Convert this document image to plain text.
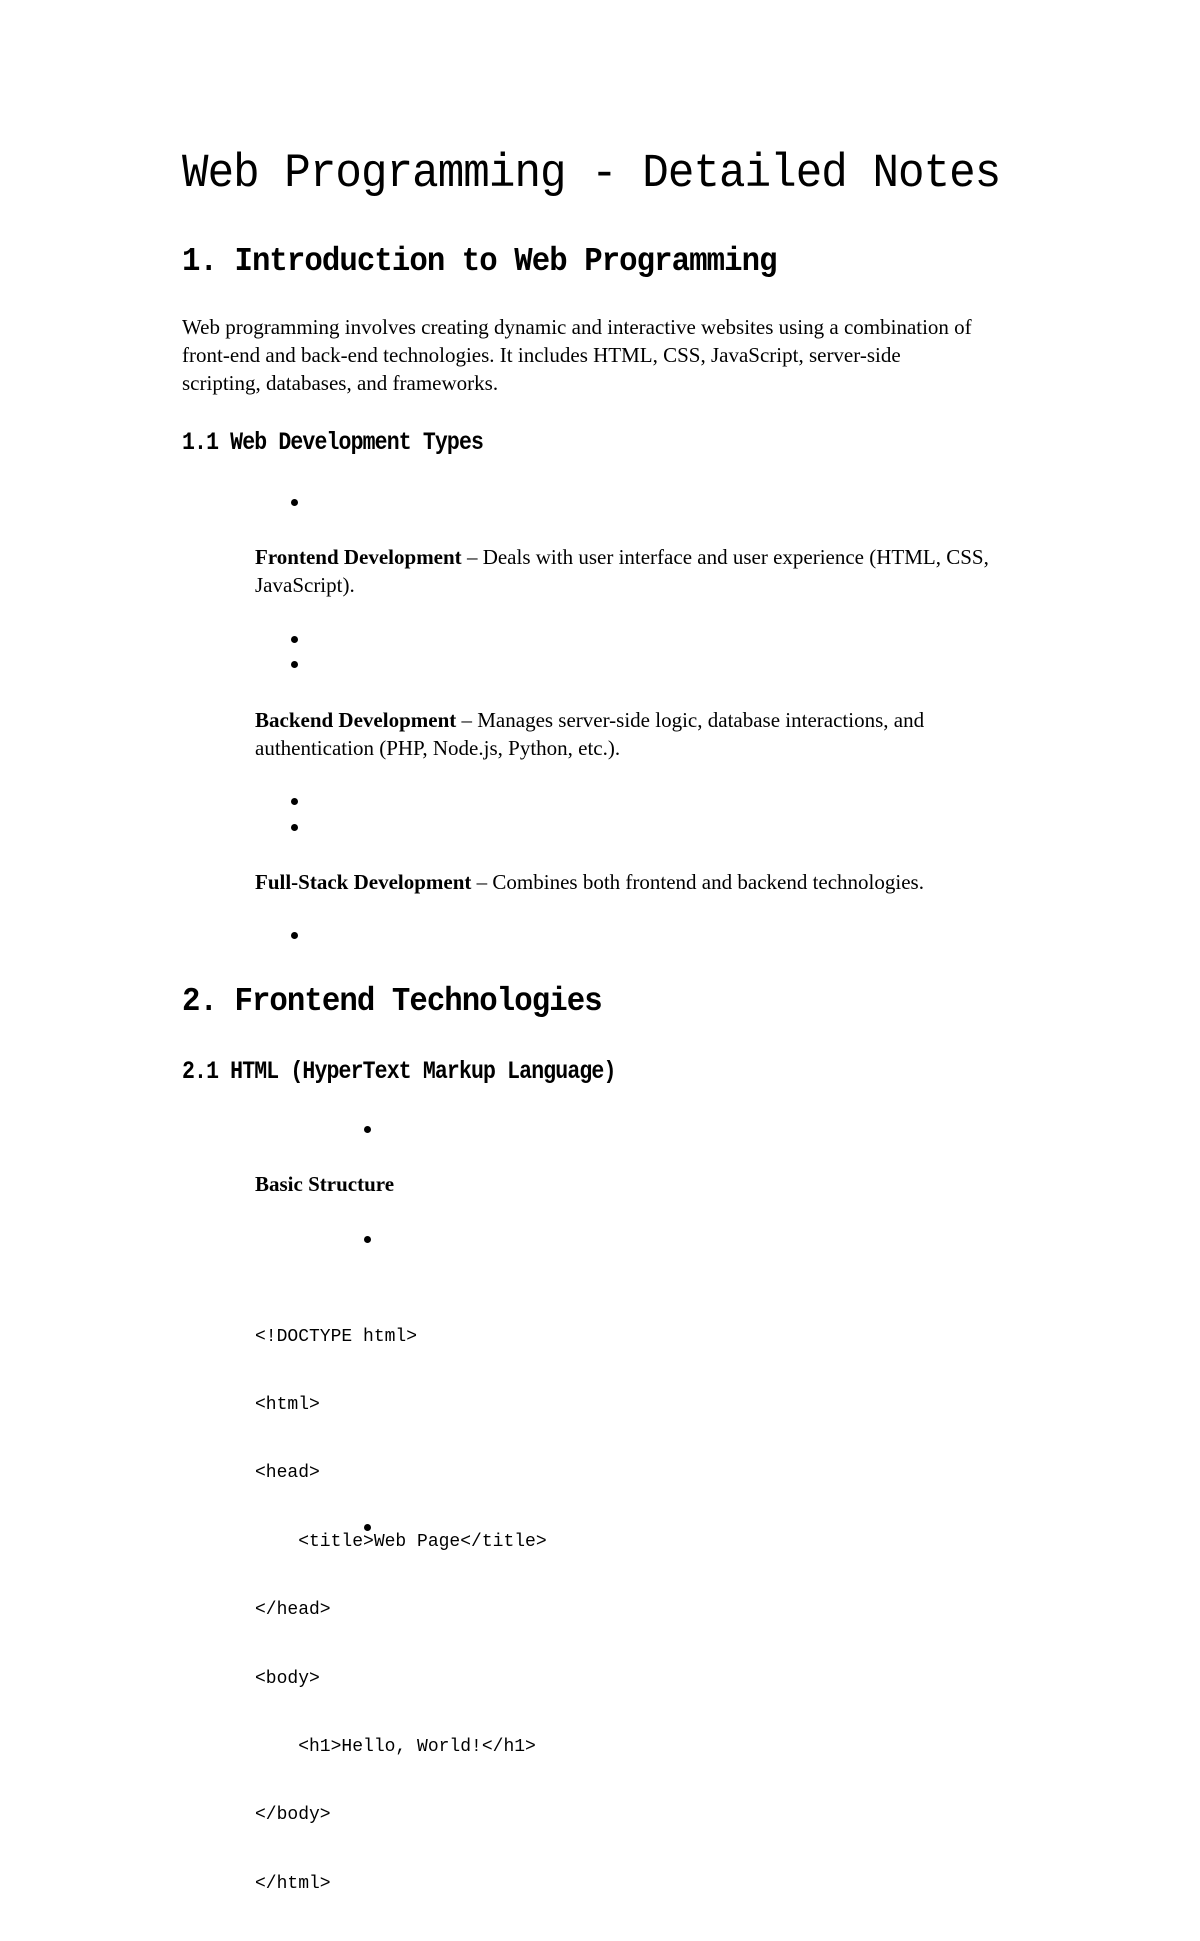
Web Programming - Detailed Notes
1. Introduction to Web Programming

Web programming involves creating dynamic and interactive websites using a combination of front-end and back-end technologies. It includes HTML, CSS, JavaScript, server-side scripting, databases, and frameworks.

1.1 Web Development Types

Frontend Development – Deals with user interface and user experience (HTML, CSS, JavaScript).

Backend Development – Manages server-side logic, database interactions, and authentication (PHP, Node.js, Python, etc.).

Full-Stack Development – Combines both frontend and backend technologies.

2. Frontend Technologies
2.1 HTML (HyperText Markup Language)

Basic Structure

<!DOCTYPE html>

<html>

<head>

<title>Web Page</title>

</head>

<body>

<h1>Hello, World!</h1>

</body>

</html>
